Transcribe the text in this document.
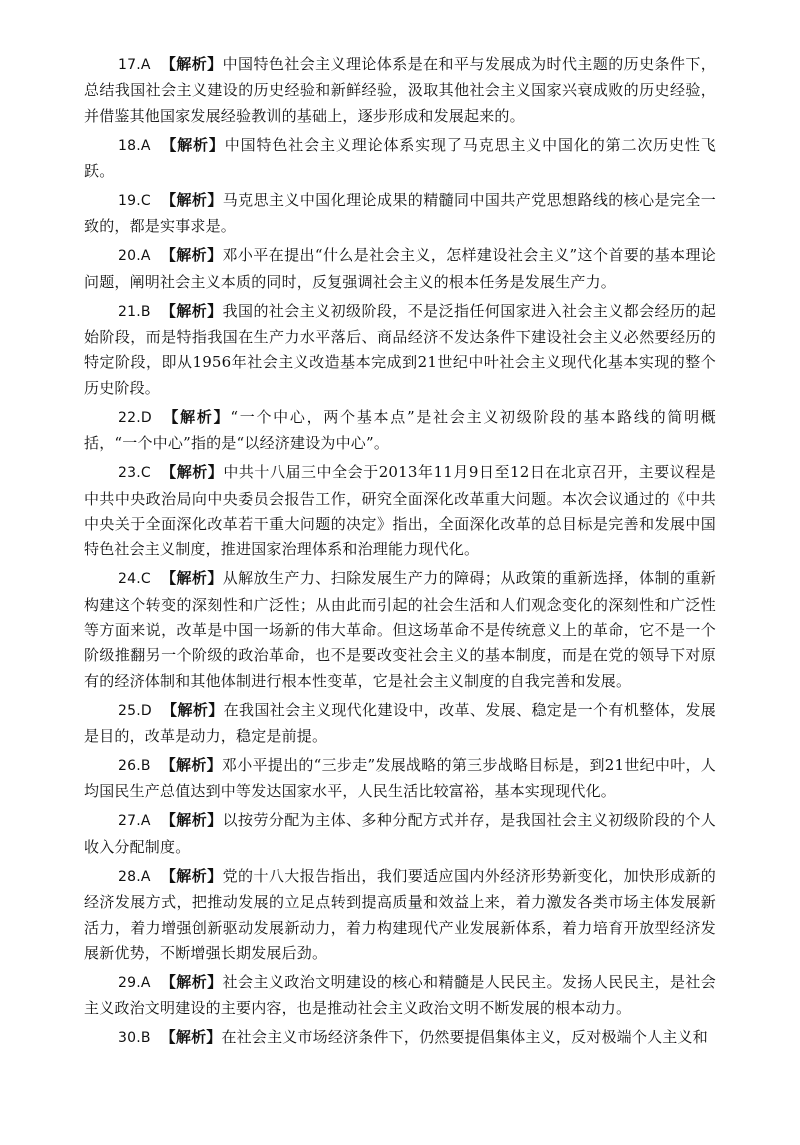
17.A 【解析】中国特色社会主义理论体系是在和平与发展成为时代主题的历史条件下，总结我国社会主义建设的历史经验和新鲜经验，汲取其他社会主义国家兴衰成败的历史经验，并借鉴其他国家发展经验教训的基础上，逐步形成和发展起来的。

18.A 【解析】中国特色社会主义理论体系实现了马克思主义中国化的第二次历史性飞跃。

19.C 【解析】马克思主义中国化理论成果的精髓同中国共产党思想路线的核心是完全一致的，都是实事求是。

20.A 【解析】邓小平在提出“什么是社会主义，怎样建设社会主义”这个首要的基本理论问题，阐明社会主义本质的同时，反复强调社会主义的根本任务是发展生产力。

21.B 【解析】我国的社会主义初级阶段，不是泛指任何国家进入社会主义都会经历的起始阶段，而是特指我国在生产力水平落后、商品经济不发达条件下建设社会主义必然要经历的特定阶段，即从1956年社会主义改造基本完成到21世纪中叶社会主义现代化基本实现的整个历史阶段。

22.D 【解析】“一个中心，两个基本点”是社会主义初级阶段的基本路线的简明概括，“一个中心”指的是“以经济建设为中心”。

23.C 【解析】中共十八届三中全会于2013年11月9日至12日在北京召开，主要议程是中共中央政治局向中央委员会报告工作，研究全面深化改革重大问题。本次会议通过的《中共中央关于全面深化改革若干重大问题的决定》指出，全面深化改革的总目标是完善和发展中国特色社会主义制度，推进国家治理体系和治理能力现代化。

24.C 【解析】从解放生产力、扫除发展生产力的障碍；从政策的重新选择，体制的重新构建这个转变的深刻性和广泛性；从由此而引起的社会生活和人们观念变化的深刻性和广泛性等方面来说，改革是中国一场新的伟大革命。但这场革命不是传统意义上的革命，它不是一个阶级推翻另一个阶级的政治革命，也不是要改变社会主义的基本制度，而是在党的领导下对原有的经济体制和其他体制进行根本性变革，它是社会主义制度的自我完善和发展。

25.D 【解析】在我国社会主义现代化建设中，改革、发展、稳定是一个有机整体，发展是目的，改革是动力，稳定是前提。

26.B 【解析】邓小平提出的“三步走”发展战略的第三步战略目标是，到21世纪中叶，人均国民生产总值达到中等发达国家水平，人民生活比较富裕，基本实现现代化。

27.A 【解析】以按劳分配为主体、多种分配方式并存，是我国社会主义初级阶段的个人收入分配制度。

28.A 【解析】党的十八大报告指出，我们要适应国内外经济形势新变化，加快形成新的经济发展方式，把推动发展的立足点转到提高质量和效益上来，着力激发各类市场主体发展新活力，着力增强创新驱动发展新动力，着力构建现代产业发展新体系，着力培育开放型经济发展新优势，不断增强长期发展后劲。

29.A 【解析】社会主义政治文明建设的核心和精髓是人民民主。发扬人民民主，是社会主义政治文明建设的主要内容，也是推动社会主义政治文明不断发展的根本动力。

30.B 【解析】在社会主义市场经济条件下，仍然要提倡集体主义，反对极端个人主义和
